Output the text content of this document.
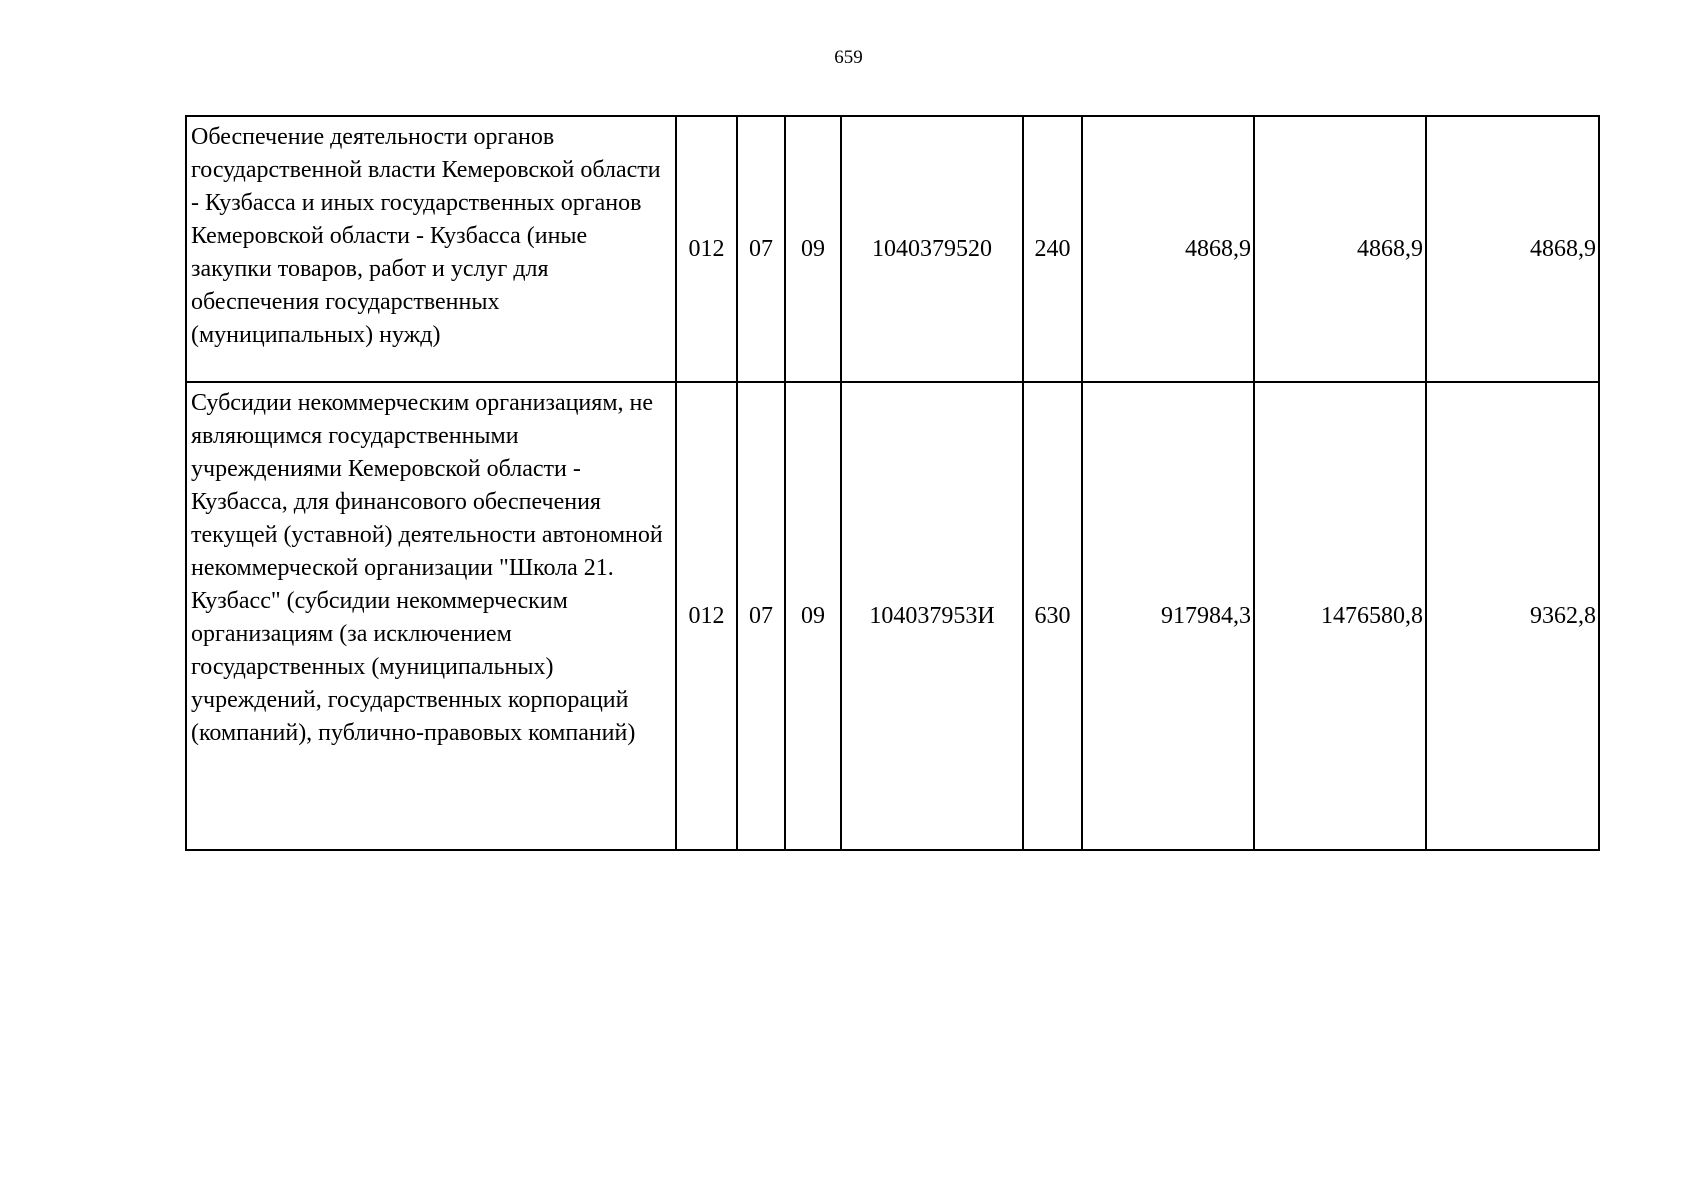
659
Обеспечение деятельности органов государственной власти Кемеровской области - Кузбасса и иных государственных органов Кемеровской области - Кузбасса (иные закупки товаров, работ и услуг для обеспечения государственных (муниципальных) нужд)	012	07	09	1040379520	240	4868,9	4868,9	4868,9
Субсидии некоммерческим организациям, не являющимся государственными учреждениями Кемеровской области - Кузбасса, для финансового обеспечения текущей (уставной) деятельности автономной некоммерческой организации "Школа 21. Кузбасс" (субсидии некоммерческим организациям (за исключением государственных (муниципальных) учреждений, государственных корпораций (компаний), публично-правовых компаний)	012	07	09	104037953И	630	917984,3	1476580,8	9362,8
